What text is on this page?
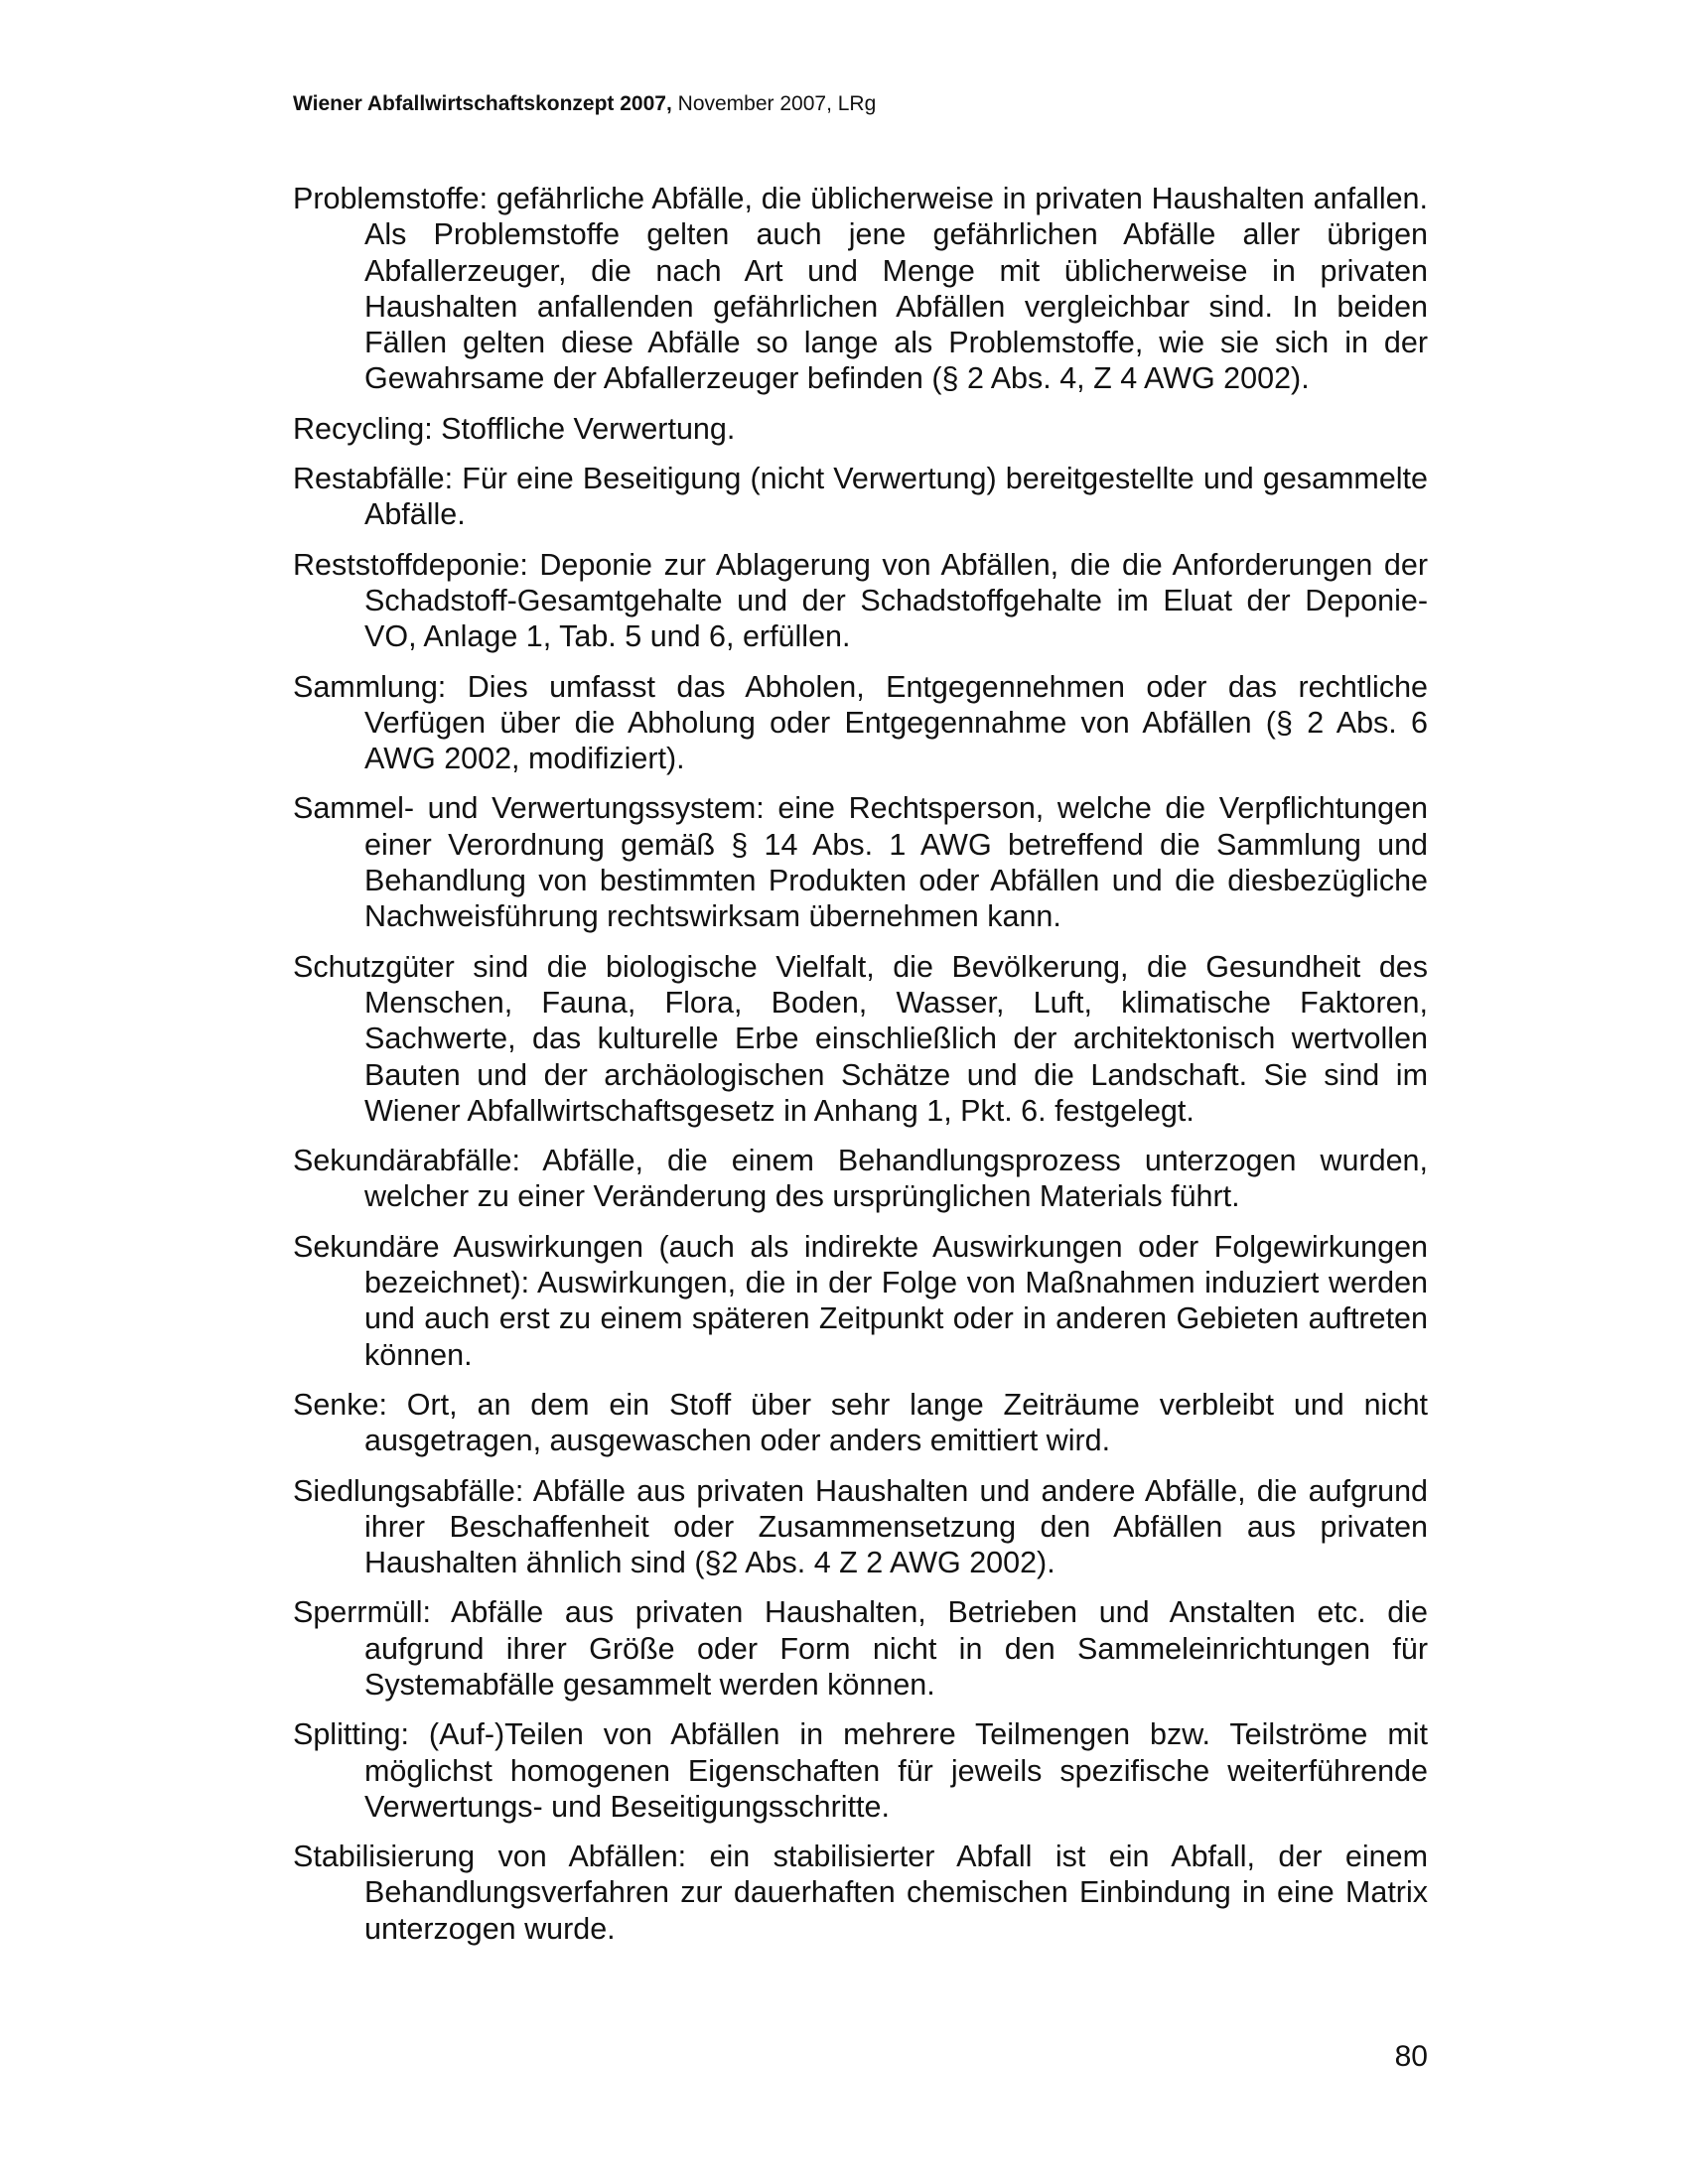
Wiener Abfallwirtschaftskonzept 2007, November 2007, LRg

Problemstoffe: gefährliche Abfälle, die üblicherweise in privaten Haushalten anfallen. Als Problemstoffe gelten auch jene gefährlichen Abfälle aller übrigen Abfallerzeuger, die nach Art und Menge mit üblicherweise in privaten Haushalten anfallenden gefährlichen Abfällen vergleichbar sind. In beiden Fällen gelten diese Abfälle so lange als Problemstoffe, wie sie sich in der Gewahrsame der Abfallerzeuger befinden (§ 2 Abs. 4, Z 4 AWG 2002).

Recycling: Stoffliche Verwertung.

Restabfälle: Für eine Beseitigung (nicht Verwertung) bereitgestellte und gesammelte Abfälle.

Reststoffdeponie: Deponie zur Ablagerung von Abfällen, die die Anforderungen der Schadstoff-Gesamtgehalte und der Schadstoffgehalte im Eluat der Deponie-VO, Anlage 1, Tab. 5 und 6, erfüllen.

Sammlung: Dies umfasst das Abholen, Entgegennehmen oder das rechtliche Verfügen über die Abholung oder Entgegennahme von Abfällen (§ 2 Abs. 6 AWG 2002, modifiziert).

Sammel- und Verwertungssystem: eine Rechtsperson, welche die Verpflichtungen einer Verordnung gemäß § 14 Abs. 1 AWG betreffend die Sammlung und Behandlung von bestimmten Produkten oder Abfällen und die diesbezügliche Nachweisführung rechtswirksam übernehmen kann.

Schutzgüter sind die biologische Vielfalt, die Bevölkerung, die Gesundheit des Menschen, Fauna, Flora, Boden, Wasser, Luft, klimatische Faktoren, Sachwerte, das kulturelle Erbe einschließlich der architektonisch wertvollen Bauten und der archäologischen Schätze und die Landschaft. Sie sind im Wiener Abfallwirtschaftsgesetz in Anhang 1, Pkt. 6. festgelegt.

Sekundärabfälle: Abfälle, die einem Behandlungsprozess unterzogen wurden, welcher zu einer Veränderung des ursprünglichen Materials führt.

Sekundäre Auswirkungen (auch als indirekte Auswirkungen oder Folgewirkungen bezeichnet): Auswirkungen, die in der Folge von Maßnahmen induziert werden und auch erst zu einem späteren Zeitpunkt oder in anderen Gebieten auftreten können.

Senke: Ort, an dem ein Stoff über sehr lange Zeiträume verbleibt und nicht ausgetragen, ausgewaschen oder anders emittiert wird.

Siedlungsabfälle: Abfälle aus privaten Haushalten und andere Abfälle, die aufgrund ihrer Beschaffenheit oder Zusammensetzung den Abfällen aus privaten Haushalten ähnlich sind (§2 Abs. 4 Z 2 AWG 2002).

Sperrmüll: Abfälle aus privaten Haushalten, Betrieben und Anstalten etc. die aufgrund ihrer Größe oder Form nicht in den Sammeleinrichtungen für Systemabfälle gesammelt werden können.

Splitting: (Auf-)Teilen von Abfällen in mehrere Teilmengen bzw. Teilströme mit möglichst homogenen Eigenschaften für jeweils spezifische weiterführende Verwertungs- und Beseitigungsschritte.

Stabilisierung von Abfällen: ein stabilisierter Abfall ist ein Abfall, der einem Behandlungsverfahren zur dauerhaften chemischen Einbindung in eine Matrix unterzogen wurde.

80
